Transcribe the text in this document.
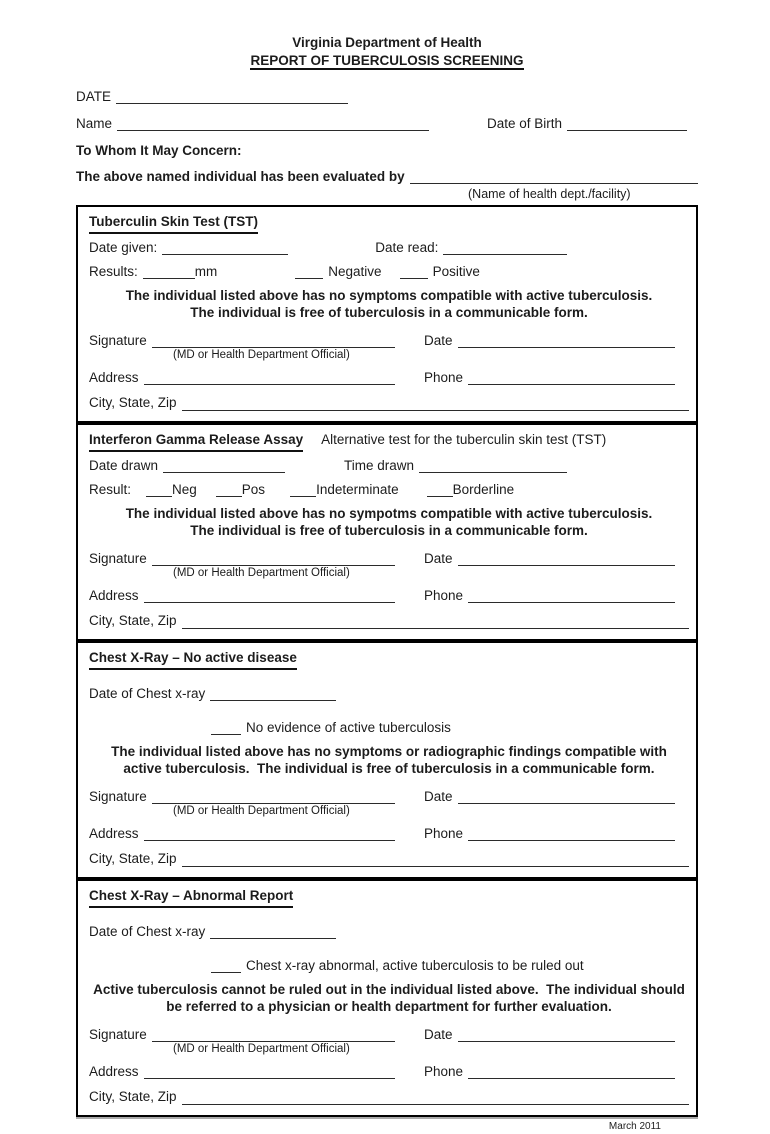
Virginia Department of Health
REPORT OF TUBERCULOSIS SCREENING
DATE
Name	Date of Birth
To Whom It May Concern:
The above named individual has been evaluated by
(Name of health dept./facility)
Tuberculin Skin Test (TST)
Date given:	Date read:
Results:	mm	Negative	Positive
The individual listed above has no symptoms compatible with active tuberculosis.  The individual is free of tuberculosis in a communicable form.
Signature	Date
(MD or Health Department Official)
Address	Phone
City, State, Zip
Interferon Gamma Release Assay Alternative test for the tuberculin skin test (TST)
Date drawn	Time drawn
Result:	Neg	Pos	Indeterminate	Borderline
The individual listed above has no sympotms compatible with active tuberculosis.  The individual is free of tuberculosis in a communicable form.
Signature	Date
(MD or Health Department Official)
Address	Phone
City, State, Zip
Chest X-Ray – No active disease
Date of Chest x-ray
No evidence of active tuberculosis
The individual listed above has no symptoms or radiographic findings compatible with active tuberculosis.  The individual is free of tuberculosis in a communicable form.
Signature	Date
(MD or Health Department Official)
Address	Phone
City, State, Zip
Chest X-Ray – Abnormal Report
Date of Chest x-ray
Chest x-ray abnormal, active tuberculosis to be ruled out
Active tuberculosis cannot be ruled out in the individual listed above.  The individual should be referred to a physician or health department for further evaluation.
Signature	Date
(MD or Health Department Official)
Address	Phone
City, State, Zip
March 2011
